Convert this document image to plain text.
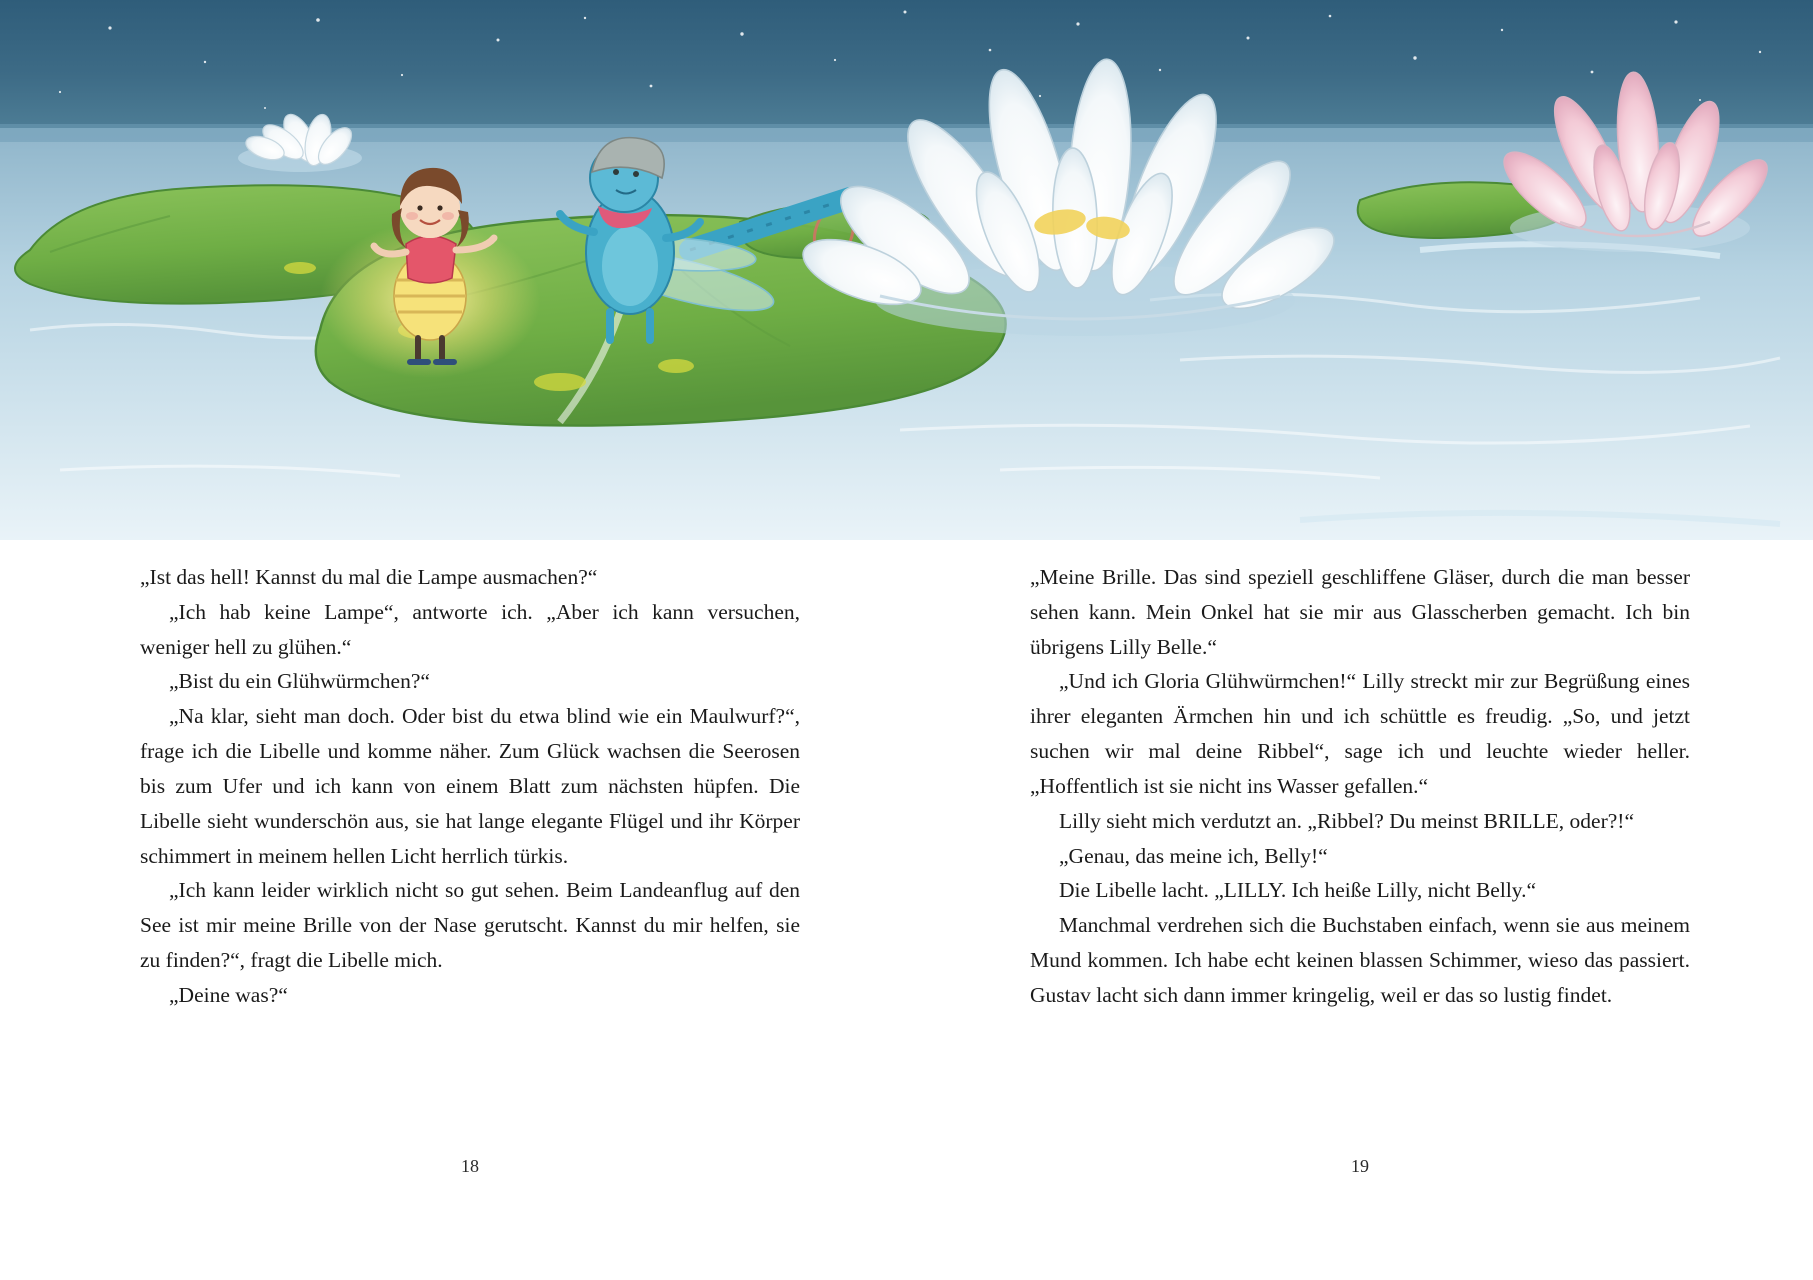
„Ist das hell! Kannst du mal die Lampe ausmachen?“

„Ich hab keine Lampe“, antworte ich. „Aber ich kann versuchen, weniger hell zu glühen.“

„Bist du ein Glühwürmchen?“

„Na klar, sieht man doch. Oder bist du etwa blind wie ein Maulwurf?“, frage ich die Libelle und komme näher. Zum Glück wachsen die Seerosen bis zum Ufer und ich kann von einem Blatt zum nächsten hüpfen. Die Libelle sieht wunderschön aus, sie hat lange elegante Flügel und ihr Körper schimmert in meinem hellen Licht herrlich türkis.

„Ich kann leider wirklich nicht so gut sehen. Beim Landeanflug auf den See ist mir meine Brille von der Nase gerutscht. Kannst du mir helfen, sie zu finden?“, fragt die Libelle mich.

„Deine was?“

„Meine Brille. Das sind speziell geschliffene Gläser, durch die man besser sehen kann. Mein Onkel hat sie mir aus Glasscherben gemacht. Ich bin übrigens Lilly Belle.“

„Und ich Gloria Glühwürmchen!“ Lilly streckt mir zur Begrüßung eines ihrer eleganten Ärmchen hin und ich schüttle es freudig. „So, und jetzt suchen wir mal deine Ribbel“, sage ich und leuchte wieder heller. „Hoffentlich ist sie nicht ins Wasser gefallen.“

Lilly sieht mich verdutzt an. „Ribbel? Du meinst BRILLE, oder?!“

„Genau, das meine ich, Belly!“

Die Libelle lacht. „LILLY. Ich heiße Lilly, nicht Belly.“

Manchmal verdrehen sich die Buchstaben einfach, wenn sie aus meinem Mund kommen. Ich habe echt keinen blassen Schimmer, wieso das passiert. Gustav lacht sich dann immer kringelig, weil er das so lustig findet.

18	19
